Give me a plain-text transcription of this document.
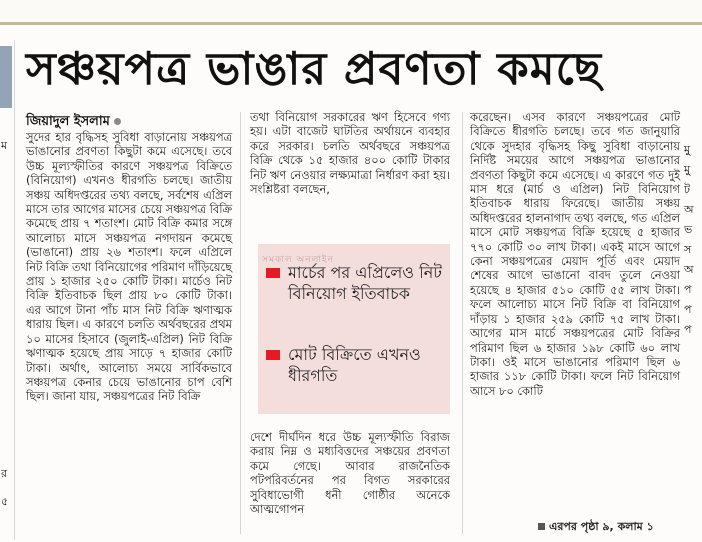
ম
র
৫
মু
মু
ট
অ
ভ
স
অ
প
প
প
সঞ্চয়পত্র ভাঙার প্রবণতা কমছে
জিয়াদুল ইসলাম
সুদের হার বৃদ্ধিসহ সুবিধা বাড়ানোয় সঞ্চয়পত্র ভাঙানোর প্রবণতা কিছুটা কমে এসেছে। তবে উচ্চ মূল্যস্ফীতির কারণে সঞ্চয়পত্র বিক্রিতে (বিনিয়োগ) এখনও ধীরগতি চলছে। জাতীয় সঞ্চয় অধিদপ্তরের তথ্য বলছে, সর্বশেষ এপ্রিল মাসে তার আগের মাসের চেয়ে সঞ্চয়পত্র বিক্রি কমেছে প্রায় ৭ শতাংশ। মোট বিক্রি কমার সঙ্গে আলোচ্য মাসে সঞ্চয়পত্র নগদায়ন কমেছে (ভাঙানো) প্রায় ২৬ শতাংশ। ফলে এপ্রিলে নিট বিক্রি তথা বিনিয়োগের পরিমাণ দাঁড়িয়েছে প্রায় ১ হাজার ২৫০ কোটি টাকা। মার্চেও নিট বিক্রি ইতিবাচক ছিল প্রায় ৮০ কোটি টাকা। এর আগে টানা পাঁচ মাস নিট বিক্রি ঋণাত্মক ধারায় ছিল। এ কারণে চলতি অর্থবছরের প্রথম ১০ মাসের হিসাবে (জুলাই-এপ্রিল) নিট বিক্রি ঋণাত্মক হয়েছে প্রায় সাড়ে ৭ হাজার কোটি টাকা। অর্থাৎ, আলোচ্য সময়ে সার্বিকভাবে সঞ্চয়পত্র কেনার চেয়ে ভাঙানোর চাপ বেশি ছিল। জানা যায়, সঞ্চয়পত্রের নিট বিক্রি
তথা বিনিয়োগ সরকারের ঋণ হিসেবে গণ্য হয়। এটা বাজেট ঘাটতির অর্থায়নে ব্যবহার করে সরকার। চলতি অর্থবছরে সঞ্চয়পত্র বিক্রি থেকে ১৫ হাজার ৪০০ কোটি টাকার নিট ঋণ নেওয়ার লক্ষ্যমাত্রা নির্ধারণ করা হয়। সংশ্লিষ্টরা বলছেন,
সমকাল অনলাইন
মার্চের পর এপ্রিলেও নিট বিনিয়োগ ইতিবাচক
মোট বিক্রিতে এখনও ধীরগতি
দেশে দীর্ঘদিন ধরে উচ্চ মূল্যস্ফীতি বিরাজ করায় নিম্ন ও মধ্যবিত্তদের সঞ্চয়ের প্রবণতা কমে গেছে। আবার রাজনৈতিক পটপরিবর্তনের পর বিগত সরকারের সুবিধাভোগী ধনী গোষ্ঠীর অনেকে আত্মগোপন
করেছেন। এসব কারণে সঞ্চয়পত্রের মোট বিক্রিতে ধীরগতি চলছে। তবে গত জানুয়ারি থেকে সুদহার বৃদ্ধিসহ কিছু সুবিধা বাড়ানোয় নির্দিষ্ট সময়ের আগে সঞ্চয়পত্র ভাঙানোর প্রবণতা কিছুটা কমে এসেছে। এ কারণে গত দুই মাস ধরে (মার্চ ও এপ্রিল) নিট বিনিয়োগ ইতিবাচক ধারায় ফিরেছে। জাতীয় সঞ্চয় অধিদপ্তরের হালনাগাদ তথ্য বলছে, গত এপ্রিল মাসে মোট সঞ্চয়পত্র বিক্রি হয়েছে ৫ হাজার ৭৭০ কোটি ৩০ লাখ টাকা। একই মাসে আগে কেনা সঞ্চয়পত্রের মেয়াদ পূর্তি এবং মেয়াদ শেষের আগে ভাঙানো বাবদ তুলে নেওয়া হয়েছে ৪ হাজার ৫১০ কোটি ৫৫ লাখ টাকা। ফলে আলোচ্য মাসে নিট বিক্রি বা বিনিয়োগ দাঁড়ায় ১ হাজার ২৫৯ কোটি ৭৫ লাখ টাকা। আগের মাস মার্চে সঞ্চয়পত্রের মোট বিক্রির পরিমাণ ছিল ৬ হাজার ১৯৮ কোটি ৬০ লাখ টাকা। ওই মাসে ভাঙানোর পরিমাণ ছিল ৬ হাজার ১১৮ কোটি টাকা। ফলে নিট বিনিয়োগ আসে ৮০ কোটি
এরপর পৃষ্ঠা ৯, কলাম ১
